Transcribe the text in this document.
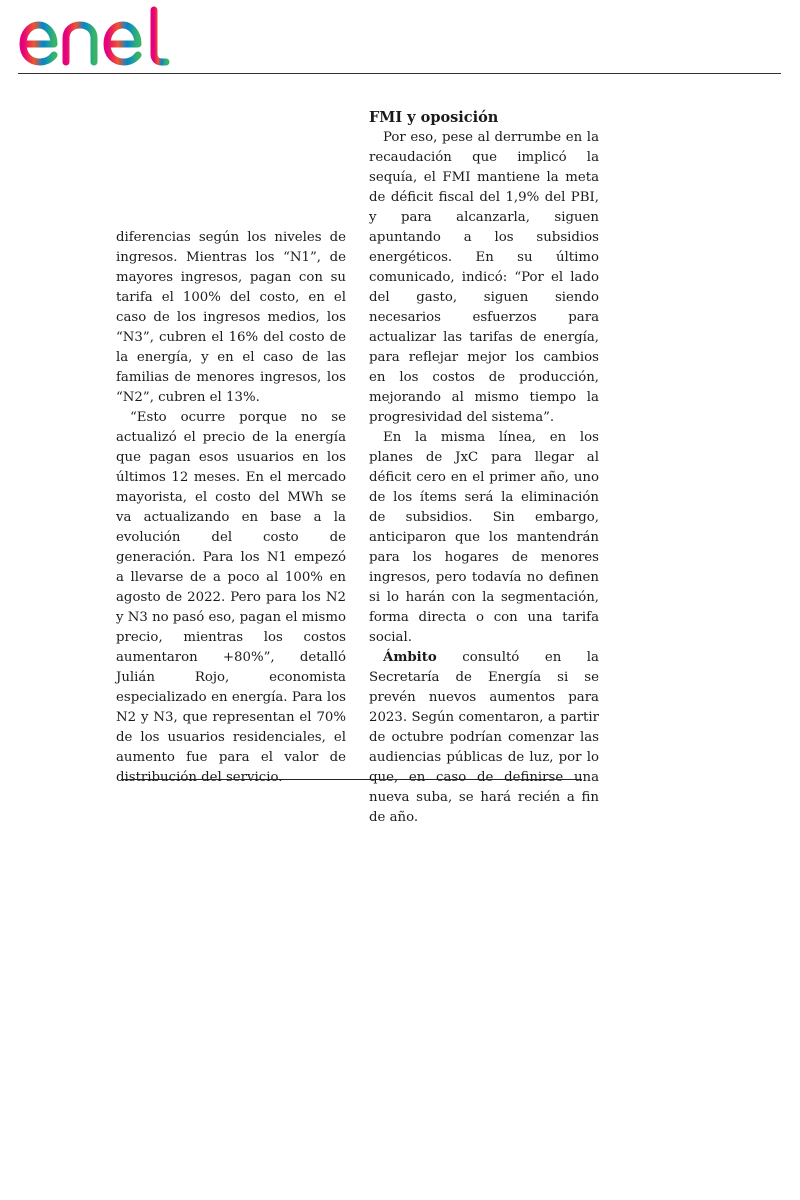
diferencias según los niveles de ingresos. Mientras los “N1”, de mayores ingresos, pagan con su tarifa el 100% del costo, en el caso de los ingresos medios, los “N3”, cubren el 16% del costo de la energía, y en el caso de las familias de menores ingresos, los “N2”, cubren el 13%.

“Esto ocurre porque no se actualizó el precio de la energía que pagan esos usuarios en los últimos 12 meses. En el mercado mayorista, el costo del MWh se va actualizando en base a la evolución del costo de generación. Para los N1 empezó a llevarse de a poco al 100% en agosto de 2022. Pero para los N2 y N3 no pasó eso, pagan el mismo precio, mientras los costos aumentaron +80%”, detalló Julián Rojo, economista especializado en energía. Para los N2 y N3, que representan el 70% de los usuarios residenciales, el aumento fue para el valor de distribución del servicio.

FMI y oposición

Por eso, pese al derrumbe en la recaudación que implicó la sequía, el FMI mantiene la meta de déficit fiscal del 1,9% del PBI, y para alcanzarla, siguen apuntando a los subsidios energéticos. En su último comunicado, indicó: “Por el lado del gasto, siguen siendo necesarios esfuerzos para actualizar las tarifas de energía, para reflejar mejor los cambios en los costos de producción, mejorando al mismo tiempo la progresividad del sistema”.

En la misma línea, en los planes de JxC para llegar al déficit cero en el primer año, uno de los ítems será la eliminación de subsidios. Sin embargo, anticiparon que los mantendrán para los hogares de menores ingresos, pero todavía no definen si lo harán con la segmentación, forma directa o con una tarifa social.

Ámbito consultó en la Secretaría de Energía si se prevén nuevos aumentos para 2023. Según comentaron, a partir de octubre podrían comenzar las audiencias públicas de luz, por lo que, en caso de definirse una nueva suba, se hará recién a fin de año.
